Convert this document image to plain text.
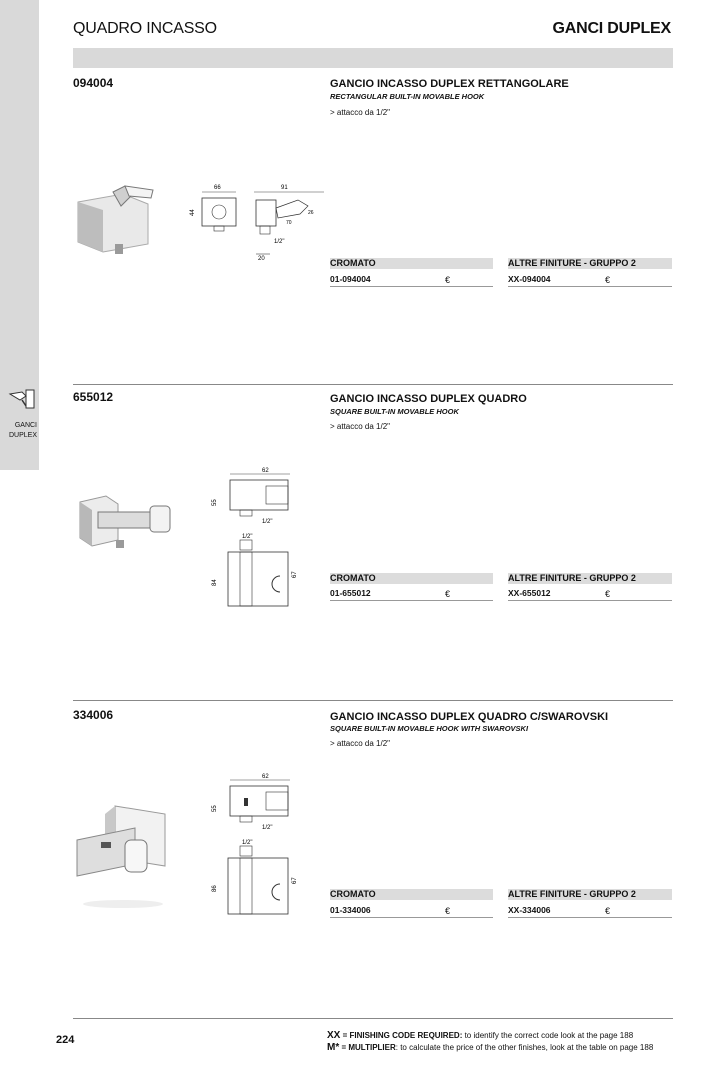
GANCI
DUPLEX
QUADRO INCASSO	GANCI DUPLEX
094004	GANCIO INCASSO DUPLEX RETTANGOLARE
RECTANGULAR BUILT-IN MOVABLE HOOK
> attacco da 1/2"
66
44
91
70
26
1/2"
20	CROMATO	ALTRE FINITURE - GRUPPO 2
01-094004	€	XX-094004	€
655012	GANCIO INCASSO DUPLEX QUADRO
SQUARE BUILT-IN MOVABLE HOOK
> attacco da 1/2"
62
55
1/2"
1/2"
84
67	CROMATO	ALTRE FINITURE - GRUPPO 2
01-655012	€	XX-655012	€
334006	GANCIO INCASSO DUPLEX QUADRO C/SWAROVSKI
SQUARE BUILT-IN MOVABLE HOOK WITH SWAROVSKI
> attacco da 1/2"
62
55
1/2"
1/2"
86
67
CROMATO	ALTRE FINITURE - GRUPPO 2
01-334006	€	XX-334006	€
224	XX = FINISHING CODE REQUIRED: to identify the correct code look at the page 188
M* = MULTIPLIER: to calculate the price of the other finishes, look at the table on page 188
